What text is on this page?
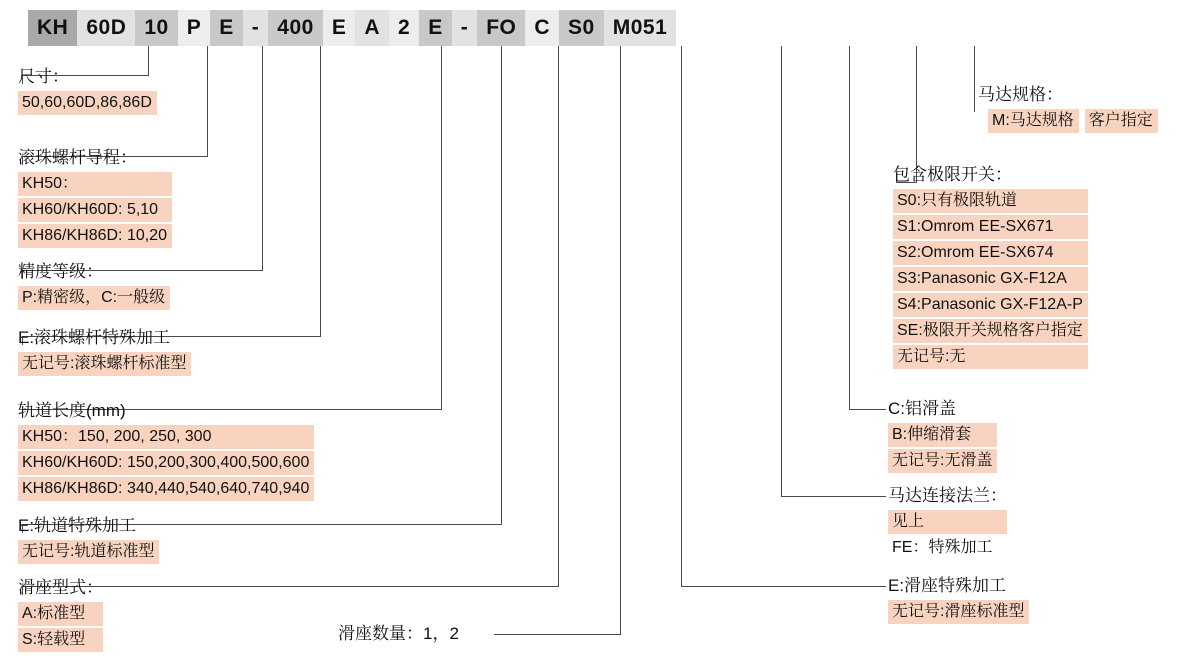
KH 60D 10 P E - 400 E A 2 E - FO C S0 M051
尺寸：
50,60,60D,86,86D
滚珠螺杆导程：
KH50：
KH60/KH60D: 5,10
KH86/KH86D: 10,20
精度等级：
P:精密级，C:一般级
E:滚珠螺杆特殊加工
无记号:滚珠螺杆标准型
轨道长度(mm)
KH50：150, 200, 250, 300
KH60/KH60D: 150,200,300,400,500,600
KH86/KH86D: 340,440,540,640,740,940
E:轨道特殊加工
无记号:轨道标准型
滑座型式：
A:标准型
S:轻载型	滑座数量：1，2
马达规格：
M:马达规格 客户指定
包含极限开关：
S0:只有极限轨道
S1:Omrom EE-SX671
S2:Omrom EE-SX674
S3:Panasonic GX-F12A
S4:Panasonic GX-F12A-P
SE:极限开关规格客户指定
无记号:无
C:铝滑盖
B:伸缩滑套
无记号:无滑盖
马达连接法兰：
见上
FE：特殊加工
E:滑座特殊加工
无记号:滑座标准型
